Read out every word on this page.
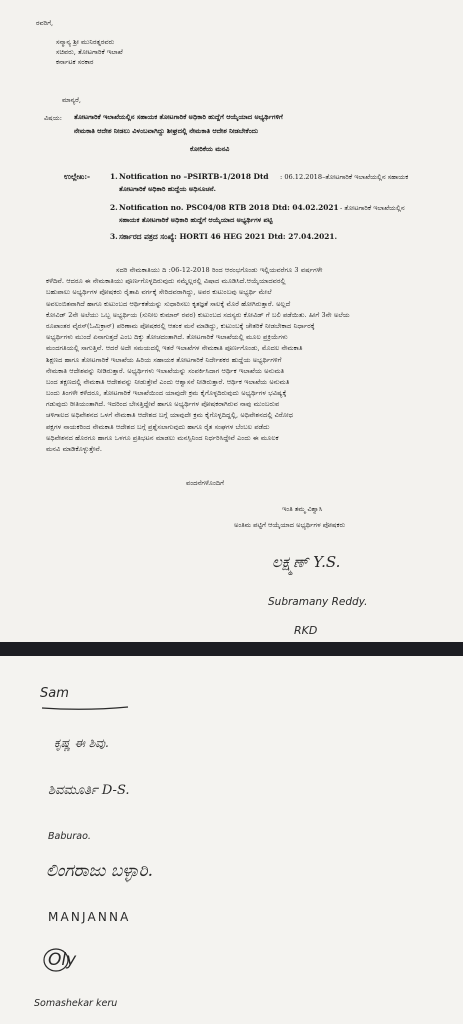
ರವರಿಗೆ,
ಸನ್ಮಾನ್ಯ ಶ್ರೀ ಮುನಿರತ್ನರವರು
ಸಚಿವರು, ತೋಟಗಾರಿಕೆ ಇಲಾಖೆ
ಕರ್ನಾಟಕ ಸರಕಾರ
ಮಾನ್ಯರೆ,
ವಿಷಯ: ತೋಟಗಾರಿಕೆ ಇಲಾಖೆಯಲ್ಲಿನ ಸಹಾಯಕ ತೋಟಗಾರಿಕೆ ಅಧಿಕಾರಿ ಹುದ್ದೆಗೆ ಆಯ್ಕೆಯಾದ ಅಭ್ಯರ್ಥಿಗಳಿಗೆ
ನೇಮಕಾತಿ ಆದೇಶ ನೀಡಲು ವಿಳಂಬವಾಗಿದ್ದು ಶೀಘ್ರದಲ್ಲಿ ನೇಮಕಾತಿ ಆದೇಶ ನೀಡಬೇಕೆಂದು
ಕೋರಿಕೆಯ ಮನವಿ
ಉಲ್ಲೇಖ:-	1. Notification no –PSIRTB-1/2018 Dtd : 06.12.2018–ತೋಟಗಾರಿಕೆ ಇಲಾಖೆಯಲ್ಲಿನ ಸಹಾಯಕ
ತೋಟಗಾರಿಕೆ ಅಧಿಕಾರಿ ಹುದ್ದೆಯ ಅಧಿಸೂಚನೆ.
2. Notification no. PSC04/08 RTB 2018 Dtd: 04.02.2021 - ತೋಟಗಾರಿಕೆ ಇಲಾಖೆಯಲ್ಲಿನ
ಸಹಾಯಕ ತೋಟಗಾರಿಕೆ ಅಧಿಕಾರಿ ಹುದ್ದೆಗೆ ಆಯ್ಕೆಯಾದ ಅಭ್ಯರ್ಥಿಗಳ ಪಟ್ಟಿ
3. ಸರ್ಕಾರದ ಪತ್ರದ ಸಂಖ್ಯೆ: HORTI 46 HEG 2021 Dtd: 27.04.2021.

ಸದರಿ ನೇಮಕಾತಿಯು ದಿ :06-12-2018 ರಿಂದ ಆರಂಭಗೊಂಡು ಇಲ್ಲಿಯವರೆಗೂ 3 ವರ್ಷಗಳೇ

ಕಳೆದಿವೆ. ಆದರೂ ಈ ನೇಮಕಾತಿಯು ಪೂರ್ಣಗೊಳ್ಳದಿರುವುದು ನಮ್ಮೆಲ್ಲರಲ್ಲಿ ವಿಷಾದ ಮೂಡಿಸಿದೆ.ಆಯ್ಕೆಯಾದವರಲ್ಲಿ

ಬಹುಪಾಲು ಅಭ್ಯರ್ಥಿಗಳ ಪೋಷಕರು ರೈತಾಪಿ ವರ್ಗಕ್ಕೆ ಸೇರಿದವರಾಗಿದ್ದು, ಅವರ ಕುಟುಂಬವು ಅಭ್ಯರ್ಥಿ ಮೇಲೆ

ಅವಲಂಬಿತವಾಗಿದೆ ಹಾಗೂ ಕುಟುಂಬದ ಆರ್ಥಿಕತೆಯನ್ನು ಸುಧಾರಿಸಲು ಕೃತಜ್ಞತೆ ಸಾಲಕ್ಕೆ ಮೊರೆ ಹೋಗಿರುತ್ತಾರೆ. ಅಲ್ಲದೆ

ಕೋವಿಡ್ 2ನೇ ಅಲೆಯು ಒಬ್ಬ ಅಭ್ಯರ್ಥಿಯ (ಸುನೀಲ ಕುಮಾರ್ ರವರ) ಕುಟುಂಬದ ಸದಸ್ಯರು ಕೋವಿಡ್ ಗೆ ಬಲಿ ಪಡೆಯಿತು. ಹೀಗೆ 3ನೇ ಅಲೆಯ

ರೂಪಾಂತರ ವೈರಸ್(ಓಮಿಕ್ರಾನ್) ಪರಿಣಾಮ ಪೋಷಕರಲ್ಲಿ ಆತಂಕ ಮನೆ ಮಾಡಿದ್ದು, ಕುಟುಂಬಕ್ಕೆ ಚೇತರಿಕೆ ನೀಡಬೇಕಾದ ನಿರ್ಧಾರಕ್ಕೆ

ಅಭ್ಯರ್ಥಿಗಳು ಮುಂದೆ ಏನಾಗುತ್ತದೆ ಎಂಬ ದಿಕ್ಕು ತೋಚದಂತಾಗಿದೆ. ತೋಟಗಾರಿಕೆ ಇಲಾಖೆಯಲ್ಲಿ ಮೂಲ ಪ್ರಕ್ರಿಯೆಗಳು

ಮಂದಗತಿಯಲ್ಲಿ ಸಾಗುತ್ತಿವೆ. ಆದರೆ ಅದೇ ಸಮಯದಲ್ಲಿ ಇತರೆ ಇಲಾಖೆಗಳ ನೇಮಕಾತಿ ಪೂರ್ಣಗೊಂಡು, ಮೊದಲ ನೇಮಕಾತಿ

ಶಿಕ್ಷಣದ ಹಾಗೂ ತೋಟಗಾರಿಕೆ ಇಲಾಖೆಯ ಹಿರಿಯ ಸಹಾಯಕ ತೋಟಗಾರಿಕೆ ನಿರ್ದೇಶಕರ ಹುದ್ದೆಯ ಅಭ್ಯರ್ಥಿಗಳಿಗೆ

ನೇಮಕಾತಿ ಆದೇಶವನ್ನು ನೀಡಿರುತ್ತಾರೆ. ಅಭ್ಯರ್ಥಿಗಳು ಇಲಾಖೆಯನ್ನು ಸಂಪರ್ಕಿಸಿದಾಗ ಆರ್ಥಿಕ ಇಲಾಖೆಯ ಅನುಮತಿ

ಬಂದ ತಕ್ಷಣದಲ್ಲಿ ನೇಮಕಾತಿ ಆದೇಶವನ್ನು ನೀಡುತ್ತೇವೆ ಎಂದು ಆಶ್ವಾಸನೆ ನೀಡಿರುತ್ತಾರೆ. ಆರ್ಥಿಕ ಇಲಾಖೆಯ ಅನುಮತಿ

ಬಂದು ತಿಂಗಳೇ ಕಳೆದರೂ, ತೋಟಗಾರಿಕೆ ಇಲಾಖೆಯಿಂದ ಯಾವುದೇ ಕ್ರಮ ಕೈಗೊಳ್ಳದಿರುವುದು ಅಭ್ಯರ್ಥಿಗಳ ಭವಿಷ್ಯಕ್ಕೆ

ಗಡುವುದು ರೀತಿಯಂತಾಗಿದೆ. ಇದರಿಂದ ಬೇಸತ್ತಿದ್ದೇವೆ ಹಾಗೂ ಅಭ್ಯರ್ಥಿಗಳ ಪೋಷಕರಾಗಿರುವ ನಾವು ಮುಂಬರುವ

ಚಳಿಗಾಲದ ಅಧಿವೇಶನದ ಒಳಗೆ ನೇಮಕಾತಿ ಆದೇಶದ ಬಗ್ಗೆ ಯಾವುದೇ ಕ್ರಮ ಕೈಗೊಳ್ಳದಿದ್ದಲ್ಲಿ, ಅಧಿವೇಶನದಲ್ಲಿ ವಿರೋಧ

ಪಕ್ಷಗಳ ನಾಯಕರಿಂದ ನೇಮಕಾತಿ ಆದೇಶದ ಬಗ್ಗೆ ಪ್ರಶ್ನೆಸಲಾಗುವುದು ಹಾಗೂ ರೈತ ಸಂಘಗಳ ಬೆಂಬಲ ಪಡೆದು

ಅಧಿವೇಶನದ ಹೊರಗೂ ಹಾಗೂ ಒಳಗೂ ಪ್ರತಿಭಟನ ಮಾಡಲು ಮನಸ್ಸಿನಿಂದ ನಿರ್ಧರಿಸಿದ್ದೇವೆ ಎಂದು ಈ ಮೂಲಕ

ಮನವಿ ಮಾಡಿಕೊಳ್ಳುತ್ತೇವೆ.

ವಂದನೆಗಳೊಂದಿಗೆ
ಇಂತಿ ತಮ್ಮ ವಿಶ್ವಾಸಿ
ಅಂತಿಮ ಪಟ್ಟಿಗೆ ಆಯ್ಕೆಯಾದ ಅಭ್ಯರ್ಥಿಗಳ ಪೋಷಕರು
ಲಕ್ಷ್ಮಣ್ Y.S.
Subramany Reddy.
RKD
Sam
ಕೃಷ್ಣ ಈ ಶಿವು.
ಶಿವಮೂರ್ತಿ D-S.
Baburao.
ಲಿಂಗರಾಜು ಬಳ್ಳಾರಿ.
MANJANNA
Oly
Somashekar keru
